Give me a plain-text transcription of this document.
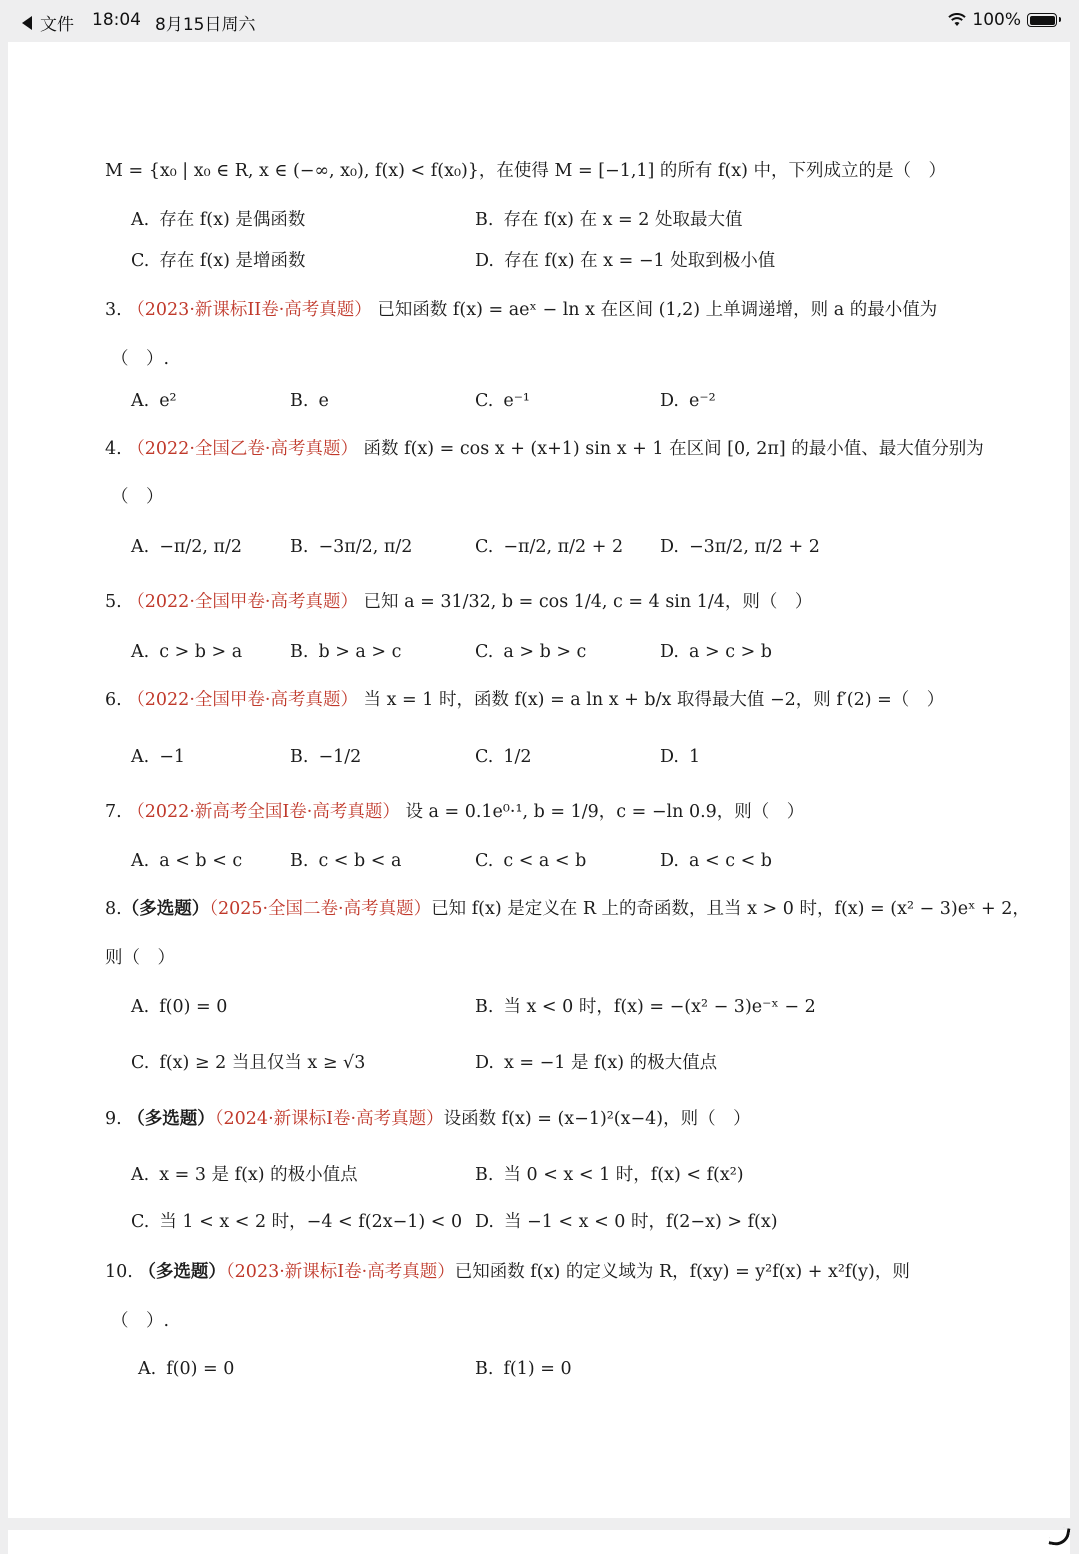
文件 18:04 8月15日周六	100%
M = {x₀ | x₀ ∈ R, x ∈ (−∞, x₀), f(x) < f(x₀)}，在使得 M = [−1,1] 的所有 f(x) 中，下列成立的是（　）
A. 存在 f(x) 是偶函数	B. 存在 f(x) 在 x = 2 处取最大值
C. 存在 f(x) 是增函数	D. 存在 f(x) 在 x = −1 处取到极小值
3. （2023·新课标II卷·高考真题） 已知函数 f(x) = aeˣ − ln x 在区间 (1,2) 上单调递增，则 a 的最小值为
（　）.
A. e²	B. e	C. e⁻¹	D. e⁻²
4. （2022·全国乙卷·高考真题） 函数 f(x) = cos x + (x+1) sin x + 1 在区间 [0, 2π] 的最小值、最大值分别为
（　）
A. −π/2, π/2	B. −3π/2, π/2	C. −π/2, π/2 + 2 D. −3π/2, π/2 + 2
5. （2022·全国甲卷·高考真题） 已知 a = 31/32, b = cos 1/4, c = 4 sin 1/4，则（　）
A. c > b > a	B. b > a > c	C. a > b > c	D. a > c > b
6. （2022·全国甲卷·高考真题） 当 x = 1 时，函数 f(x) = a ln x + b/x 取得最大值 −2，则 f′(2) =（　）
A. −1	B. −1/2	C. 1/2	D. 1
7. （2022·新高考全国I卷·高考真题） 设 a = 0.1e⁰·¹, b = 1/9，c = −ln 0.9，则（　）
A. a < b < c	B. c < b < a	C. c < a < b	D. a < c < b
8.（多选题）（2025·全国二卷·高考真题）已知 f(x) 是定义在 R 上的奇函数，且当 x > 0 时，f(x) = (x² − 3)eˣ + 2，
则（　）
A. f(0) = 0	B. 当 x < 0 时，f(x) = −(x² − 3)e⁻ˣ − 2
C. f(x) ≥ 2 当且仅当 x ≥ √3	D. x = −1 是 f(x) 的极大值点
9. （多选题）（2024·新课标I卷·高考真题）设函数 f(x) = (x−1)²(x−4)，则（　）
A. x = 3 是 f(x) 的极小值点	B. 当 0 < x < 1 时，f(x) < f(x²)
C. 当 1 < x < 2 时，−4 < f(2x−1) < 0 D. 当 −1 < x < 0 时，f(2−x) > f(x)
10. （多选题）（2023·新课标I卷·高考真题）已知函数 f(x) 的定义域为 R，f(xy) = y²f(x) + x²f(y)，则
（　）.
A. f(0) = 0	B. f(1) = 0
